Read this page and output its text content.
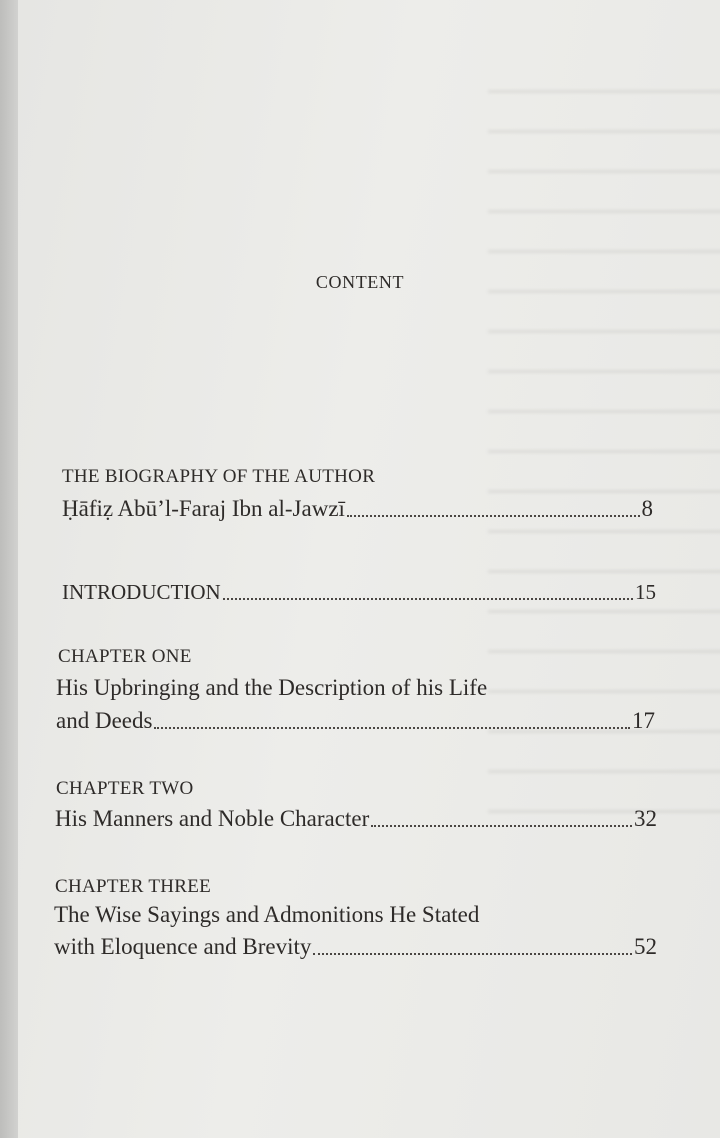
CONTENT
THE BIOGRAPHY OF THE AUTHOR
Ḥāfiẓ Abū’l-Faraj Ibn al-Jawzī	8
INTRODUCTION	15
CHAPTER ONE
His Upbringing and the Description of his Life
and Deeds	17
CHAPTER TWO
His Manners and Noble Character	32
CHAPTER THREE
The Wise Sayings and Admonitions He Stated
with Eloquence and Brevity	52
